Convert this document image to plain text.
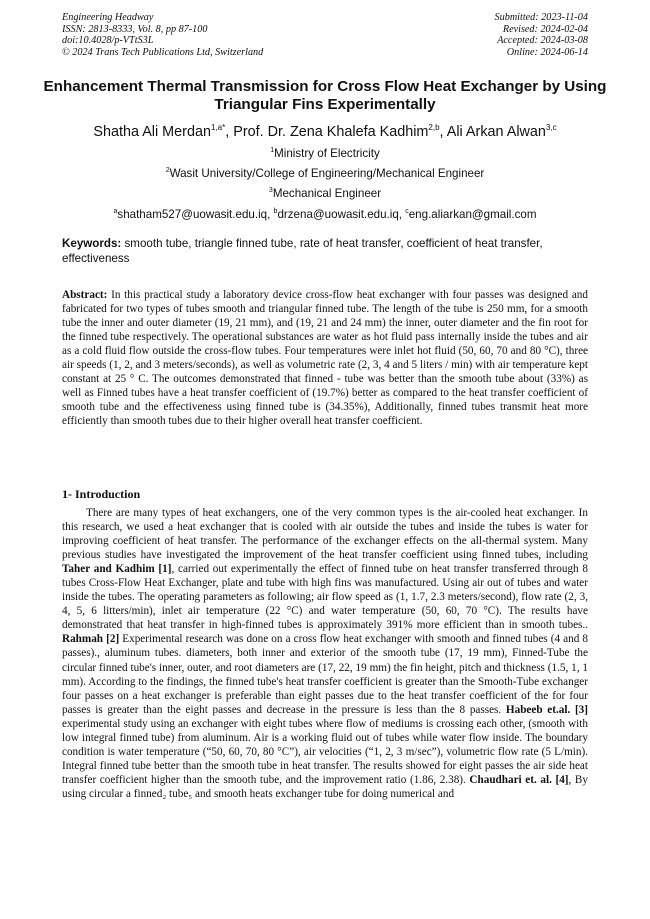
Engineering Headway
ISSN: 2813-8333, Vol. 8, pp 87-100
doi:10.4028/p-VTtS3L
© 2024 Trans Tech Publications Ltd, Switzerland
Submitted: 2023-11-04
Revised: 2024-02-04
Accepted: 2024-03-08
Online: 2024-06-14
Enhancement Thermal Transmission for Cross Flow Heat Exchanger by Using Triangular Fins Experimentally
Shatha Ali Merdan$^{1,a*}$, Prof. Dr. Zena Khalefa Kadhim$^{2,b}$, Ali Arkan Alwan$^{3,c}$
$^1$Ministry of Electricity
$^2$Wasit University/College of Engineering/Mechanical Engineer
$^3$Mechanical Engineer
$^a$shatham527@uowasit.edu.iq, $^b$drzena@uowasit.edu.iq, $^c$eng.aliarkan@gmail.com
Keywords: smooth tube, triangle finned tube, rate of heat transfer, coefficient of heat transfer, effectiveness
Abstract: In this practical study a laboratory device cross-flow heat exchanger with four passes was designed and fabricated for two types of tubes smooth and triangular finned tube. The length of the tube is 250 mm, for a smooth tube the inner and outer diameter (19, 21 mm), and (19, 21 and 24 mm) the inner, outer diameter and the fin root for the finned tube respectively. The operational substances are water as hot fluid pass internally inside the tubes and air as a cold fluid flow outside the cross-flow tubes. Four temperatures were inlet hot fluid (50, 60, 70 and 80 °C), three air speeds (1, 2, and 3 meters/seconds), as well as volumetric rate (2, 3, 4 and 5 liters / min) with air temperature kept constant at 25 ° C. The outcomes demonstrated that finned - tube was better than the smooth tube about (33%) as well as Finned tubes have a heat transfer coefficient of (19.7%) better as compared to the heat transfer coefficient of smooth tube and the effectiveness using finned tube is (34.35%), Additionally, finned tubes transmit heat more efficiently than smooth tubes due to their higher overall heat transfer coefficient.
1- Introduction
There are many types of heat exchangers, one of the very common types is the air-cooled heat exchanger. In this research, we used a heat exchanger that is cooled with air outside the tubes and inside the tubes is water for improving coefficient of heat transfer. The performance of the exchanger effects on the all-thermal system. Many previous studies have investigated the improvement of the heat transfer coefficient using finned tubes, including Taher and Kadhim [1], carried out experimentally the effect of finned tube on heat transfer transferred through 8 tubes Cross-Flow Heat Exchanger, plate and tube with high fins was manufactured. Using air out of tubes and water inside the tubes. The operating parameters as following; air flow speed as (1, 1.7, 2.3 meters/second), flow rate (2, 3, 4, 5, 6 litters/min), inlet air temperature (22 °C) and water temperature (50, 60, 70 °C). The results have demonstrated that heat transfer in high-finned tubes is approximately 391% more efficient than in smooth tubes.. Rahmah [2] Experimental research was done on a cross flow heat exchanger with smooth and finned tubes (4 and 8 passes)., aluminum tubes. diameters, both inner and exterior of the smooth tube (17, 19 mm), Finned-Tube the circular finned tube's inner, outer, and root diameters are (17, 22, 19 mm) the fin height, pitch and thickness (1.5, 1, 1 mm). According to the findings, the finned tube's heat transfer coefficient is greater than the Smooth-Tube exchanger four passes on a heat exchanger is preferable than eight passes due to the heat transfer coefficient of the for four passes is greater than the eight passes and decrease in the pressure is less than the 8 passes. Habeeb et.al. [3] experimental study using an exchanger with eight tubes where flow of mediums is crossing each other, (smooth with low integral finned tube) from aluminum. Air is a working fluid out of tubes while water flow inside. The boundary condition is water temperature (“50, 60, 70, 80 °C”), air velocities (“1, 2, 3 m/sec”), volumetric flow rate (5 L/min). Integral finned tube better than the smooth tube in heat transfer. The results showed for eight passes the air side heat transfer coefficient higher than the smooth tube, and the improvement ratio (1.86, 2.38). Chaudhari et. al. [4], By using circular a finned₂ tube₅ and smooth heats exchanger tube for doing numerical and
